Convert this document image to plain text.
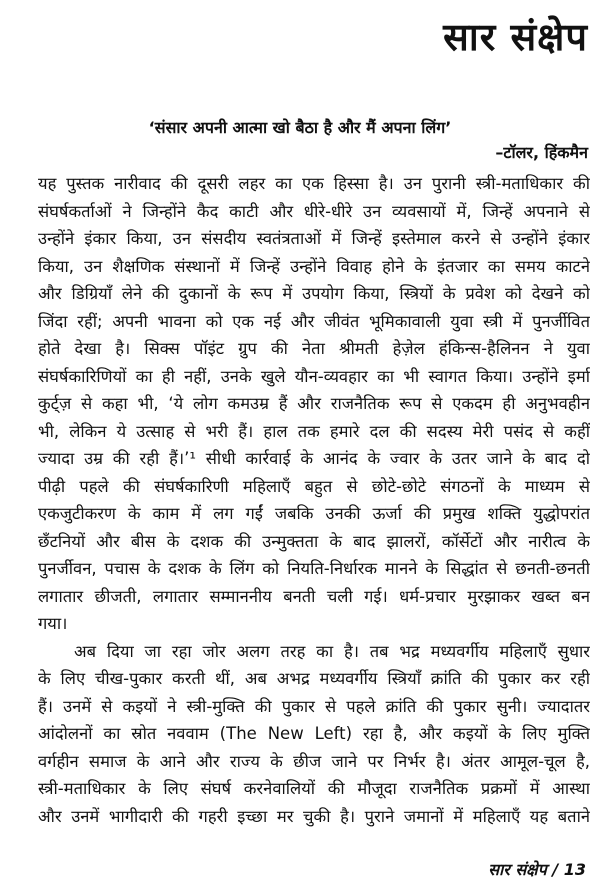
सार संक्षेप
‘संसार अपनी आत्मा खो बैठा है और मैं अपना लिंग’
–टॉलर, हिंकमैन
यह पुस्तक नारीवाद की दूसरी लहर का एक हिस्सा है। उन पुरानी स्त्री-मताधिकार की
संघर्षकर्ताओं ने जिन्होंने कैद काटी और धीरे-धीरे उन व्यवसायों में, जिन्हें अपनाने से
उन्होंने इंकार किया, उन संसदीय स्वतंत्रताओं में जिन्हें इस्तेमाल करने से उन्होंने इंकार
किया, उन शैक्षणिक संस्थानों में जिन्हें उन्होंने विवाह होने के इंतजार का समय काटने
और डिग्रियाँ लेने की दुकानों के रूप में उपयोग किया, स्त्रियों के प्रवेश को देखने को
जिंदा रहीं; अपनी भावना को एक नई और जीवंत भूमिकावाली युवा स्त्री में पुनर्जीवित
होते देखा है। सिक्स पॉइंट ग्रुप की नेता श्रीमती हेज़ेल हंकिन्स-हैलिनन ने युवा
संघर्षकारिणियों का ही नहीं, उनके खुले यौन-व्यवहार का भी स्वागत किया। उन्होंने इर्मा
कुर्ट्ज़ से कहा भी, ‘ये लोग कमउम्र हैं और राजनैतिक रूप से एकदम ही अनुभवहीन
भी, लेकिन ये उत्साह से भरी हैं। हाल तक हमारे दल की सदस्य मेरी पसंद से कहीं
ज्यादा उम्र की रही हैं।’¹ सीधी कार्रवाई के आनंद के ज्वार के उतर जाने के बाद दो
पीढ़ी पहले की संघर्षकारिणी महिलाएँ बहुत से छोटे-छोटे संगठनों के माध्यम से
एकजुटीकरण के काम में लग गईं जबकि उनकी ऊर्जा की प्रमुख शक्ति युद्धोपरांत
छँटनियों और बीस के दशक की उन्मुक्तता के बाद झालरों, कॉर्सेटों और नारीत्व के
पुनर्जीवन, पचास के दशक के लिंग को नियति-निर्धारक मानने के सिद्धांत से छनती-छनती
लगातार छीजती, लगातार सम्माननीय बनती चली गई। धर्म-प्रचार मुरझाकर खब्त बन
गया।
अब दिया जा रहा जोर अलग तरह का है। तब भद्र मध्यवर्गीय महिलाएँ सुधार
के लिए चीख-पुकार करती थीं, अब अभद्र मध्यवर्गीय स्त्रियाँ क्रांति की पुकार कर रही
हैं। उनमें से कइयों ने स्त्री-मुक्ति की पुकार से पहले क्रांति की पुकार सुनी। ज्यादातर
आंदोलनों का स्रोत नववाम (The New Left) रहा है, और कइयों के लिए मुक्ति
वर्गहीन समाज के आने और राज्य के छीज जाने पर निर्भर है। अंतर आमूल-चूल है,
स्त्री-मताधिकार के लिए संघर्ष करनेवालियों की मौजूदा राजनैतिक प्रक्रमों में आस्था
और उनमें भागीदारी की गहरी इच्छा मर चुकी है। पुराने जमानों में महिलाएँ यह बताने
सार संक्षेप / 13
